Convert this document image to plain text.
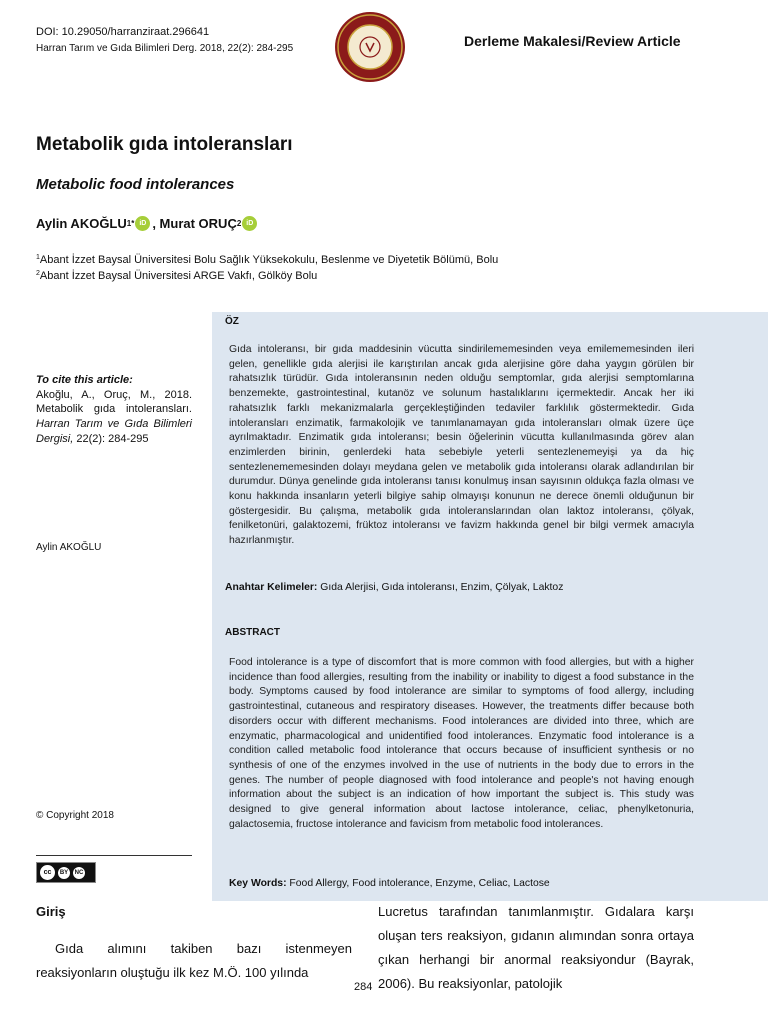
DOI: 10.29050/harranziraat.296641
Harran Tarım ve Gıda Bilimleri Derg. 2018, 22(2): 284-295	Derleme Makalesi/Review Article
Metabolik gıda intoleransları
Metabolic food intolerances
Aylin AKOĞLU 1* iD , Murat ORUÇ 2 iD
$^1$Abant İzzet Baysal Üniversitesi Bolu Sağlık Yüksekokulu, Beslenme ve Diyetetik Bölümü, Bolu
$^2$Abant İzzet Baysal Üniversitesi ARGE Vakfı, Gölköy Bolu
To cite this article:

Akoğlu, A., Oruç, M., 2018. Metabolik gıda intoleransları. Harran Tarım ve Gıda Bilimleri Dergisi, 22(2): 284-295

Aylin AKOĞLU
© Copyright 2018
cc	BY	NC
ÖZ

Gıda intoleransı, bir gıda maddesinin vücutta sindirilememesinden veya emilememesinden ileri gelen, genellikle gıda alerjisi ile karıştırılan ancak gıda alerjisine göre daha yaygın görülen bir rahatsızlık türüdür. Gıda intoleransının neden olduğu semptomlar, gıda alerjisi semptomlarına benzemekte, gastrointestinal, kutanöz ve solunum hastalıklarını içermektedir. Ancak her iki rahatsızlık farklı mekanizmalarla gerçekleştiğinden tedaviler farklılık göstermektedir. Gıda intoleransları enzimatik, farmakolojik ve tanımlanamayan gıda intoleransları olmak üzere üçe ayrılmaktadır. Enzimatik gıda intoleransı; besin öğelerinin vücutta kullanılmasında görev alan enzimlerden birinin, genlerdeki hata sebebiyle yeterli sentezlenemeyişi ya da hiç sentezlenememesinden dolayı meydana gelen ve metabolik gıda intoleransı olarak adlandırılan bir durumdur. Dünya genelinde gıda intoleransı tanısı konulmuş insan sayısının oldukça fazla olması ve konu hakkında insanların yeterli bilgiye sahip olmayışı konunun ne derece önemli olduğunun bir göstergesidir. Bu çalışma, metabolik gıda intoleranslarından olan laktoz intoleransı, çölyak, fenilketonüri, galaktozemi, früktoz intoleransı ve favizm hakkında genel bir bilgi vermek amacıyla hazırlanmıştır.

Anahtar Kelimeler: Gıda Alerjisi, Gıda intoleransı, Enzim, Çölyak, Laktoz
ABSTRACT

Food intolerance is a type of discomfort that is more common with food allergies, but with a higher incidence than food allergies, resulting from the inability or inability to digest a food substance in the body. Symptoms caused by food intolerance are similar to symptoms of food allergy, including gastrointestinal, cutaneous and respiratory diseases. However, the treatments differ because both disorders occur with different mechanisms. Food intolerances are divided into three, which are enzymatic, pharmacological and unidentified food intolerances. Enzymatic food intolerance is a condition called metabolic food intolerance that occurs because of insufficient synthesis or no synthesis of one of the enzymes involved in the use of nutrients in the body due to errors in the genes. The number of people diagnosed with food intolerance and people's not having enough information about the subject is an indication of how important the subject is. This study was designed to give general information about lactose intolerance, celiac, phenylketonuria, galactosemia, fructose intolerance and favicism from metabolic food intolerances.

Key Words: Food Allergy, Food intolerance, Enzyme, Celiac, Lactose
Giriş

Gıda alımını takiben bazı istenmeyen reaksiyonların oluştuğu ilk kez M.Ö. 100 yılında

Lucretus tarafından tanımlanmıştır. Gıdalara karşı oluşan ters reaksiyon, gıdanın alımından sonra ortaya çıkan herhangi bir anormal reaksiyondur (Bayrak, 2006). Bu reaksiyonlar, patolojik

284
